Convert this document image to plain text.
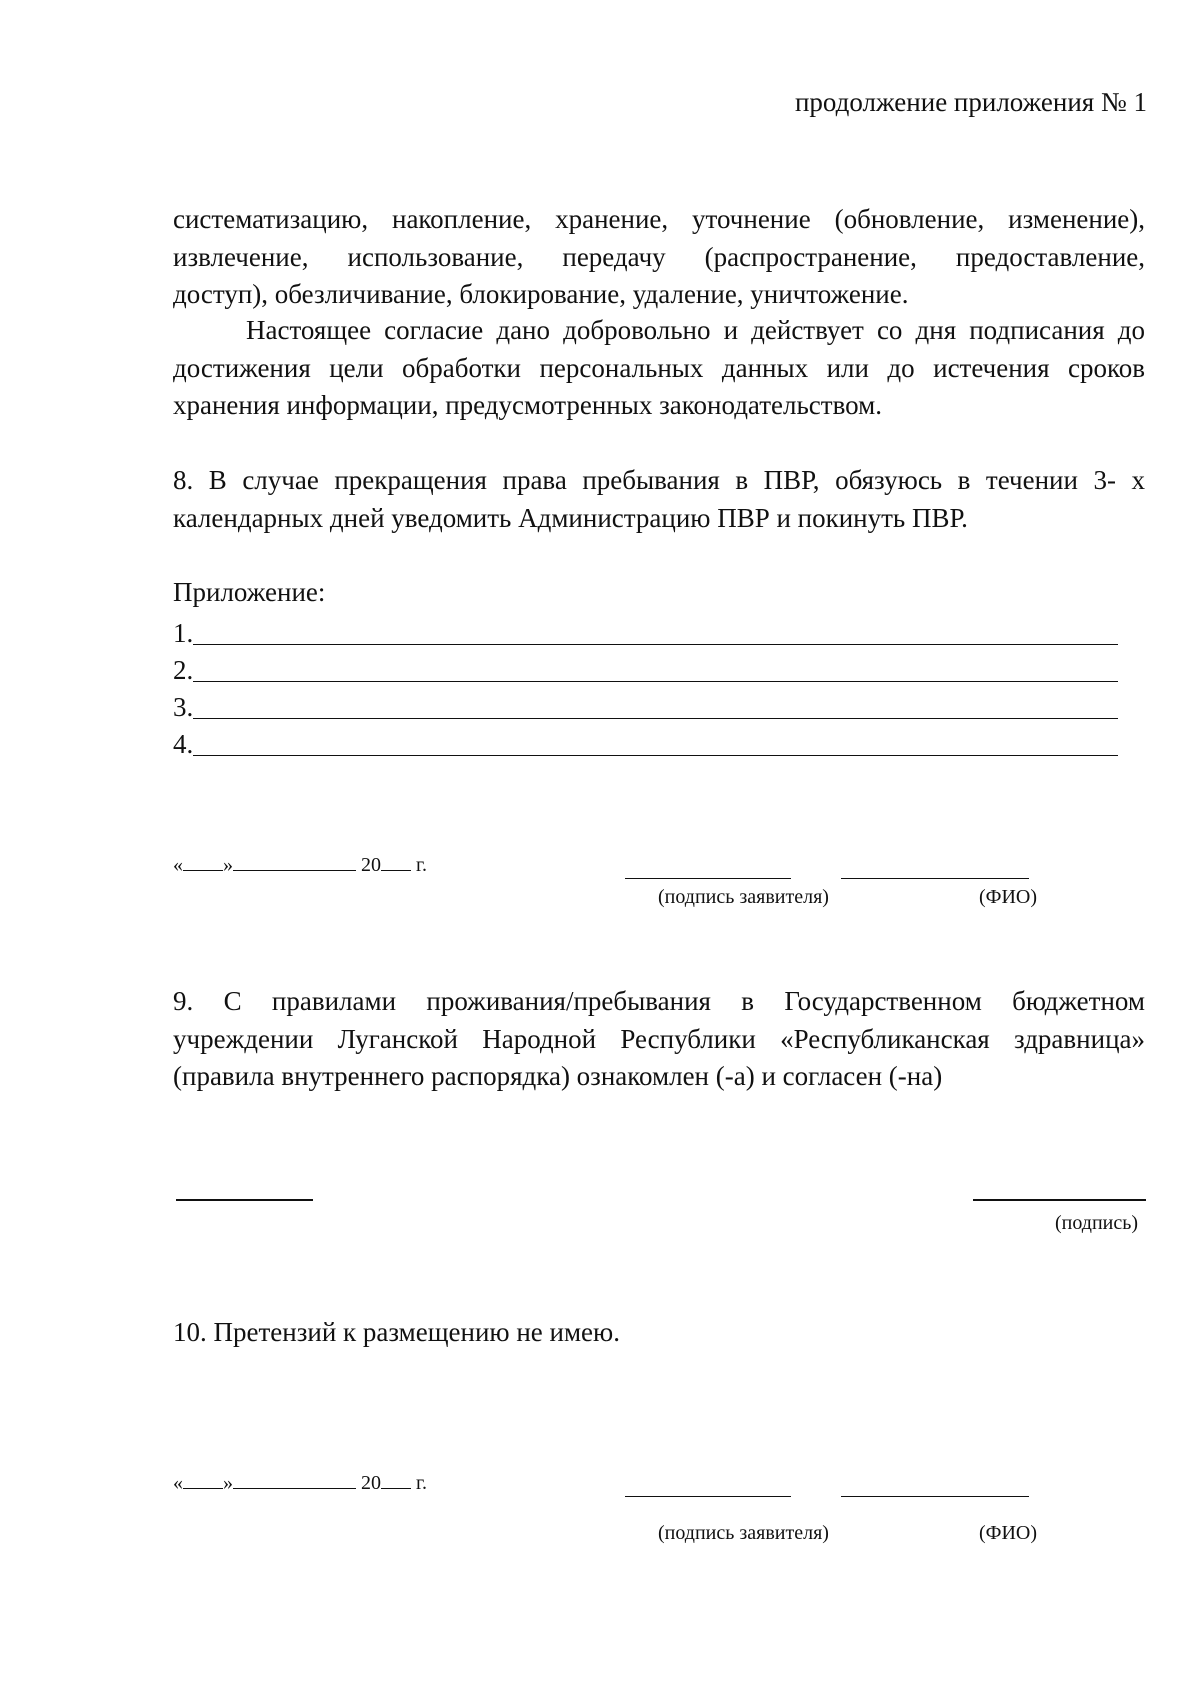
продолжение приложения № 1
систематизацию, накопление, хранение, уточнение (обновление, изменение),
извлечение, использование, передачу (распространение, предоставление,
доступ), обезличивание, блокирование, удаление, уничтожение.
Настоящее согласие дано добровольно и действует со дня подписания до
достижения цели обработки персональных данных или до истечения сроков
хранения информации, предусмотренных законодательством.
8. В случае прекращения права пребывания в ПВР, обязуюсь в течении 3- х
календарных дней уведомить Администрацию ПВР и покинуть ПВР.
Приложение:
1.
2.
3.
4.
« »	20 г.
(подпись заявителя)	(ФИО)
9. С правилами проживания/пребывания в Государственном бюджетном
учреждении Луганской Народной Республики «Республиканская здравница»
(правила внутреннего распорядка) ознакомлен (-а) и согласен (-на)
(подпись)
10. Претензий к размещению не имею.
« »	20 г.
(подпись заявителя)	(ФИО)
